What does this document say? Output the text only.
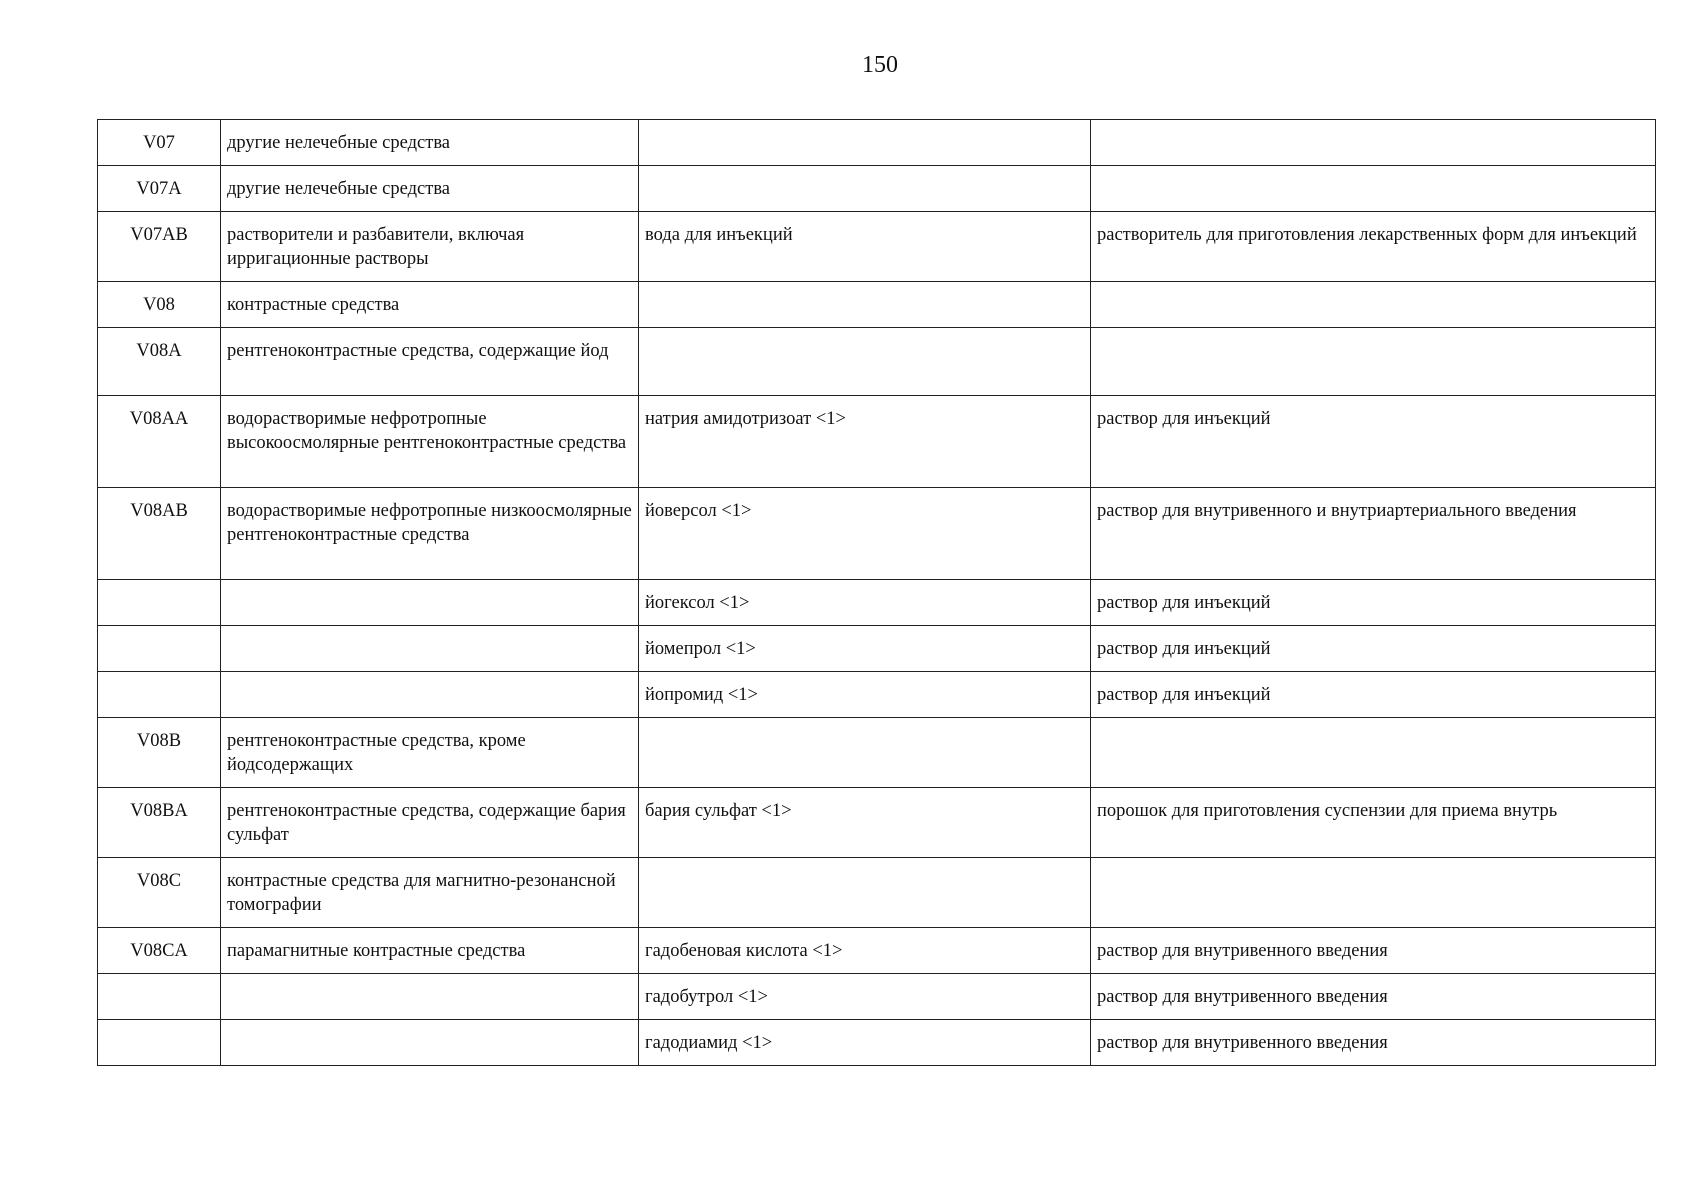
150
V07	другие нелечебные средства		
V07A	другие нелечебные средства		
V07AB	растворители и разбавители, включая ирригационные растворы	вода для инъекций	растворитель для приготовления лекарственных форм для инъекций
V08	контрастные средства		
V08A	рентгеноконтрастные средства, содержащие йод		
V08AA	водорастворимые нефротропные высокоосмолярные рентгеноконтрастные средства	натрия амидотризоат <1>	раствор для инъекций
V08AB	водорастворимые нефротропные низкоосмолярные рентгеноконтрастные средства	йоверсол <1>	раствор для внутривенного и внутриартериального введения
		йогексол <1>	раствор для инъекций
		йомепрол <1>	раствор для инъекций
		йопромид <1>	раствор для инъекций
V08B	рентгеноконтрастные средства, кроме йодсодержащих		
V08BA	рентгеноконтрастные средства, содержащие бария сульфат	бария сульфат <1>	порошок для приготовления суспензии для приема внутрь
V08C	контрастные средства для магнитно-резонансной томографии		
V08CA	парамагнитные контрастные средства	гадобеновая кислота <1>	раствор для внутривенного введения
		гадобутрол <1>	раствор для внутривенного введения
		гадодиамид <1>	раствор для внутривенного введения
